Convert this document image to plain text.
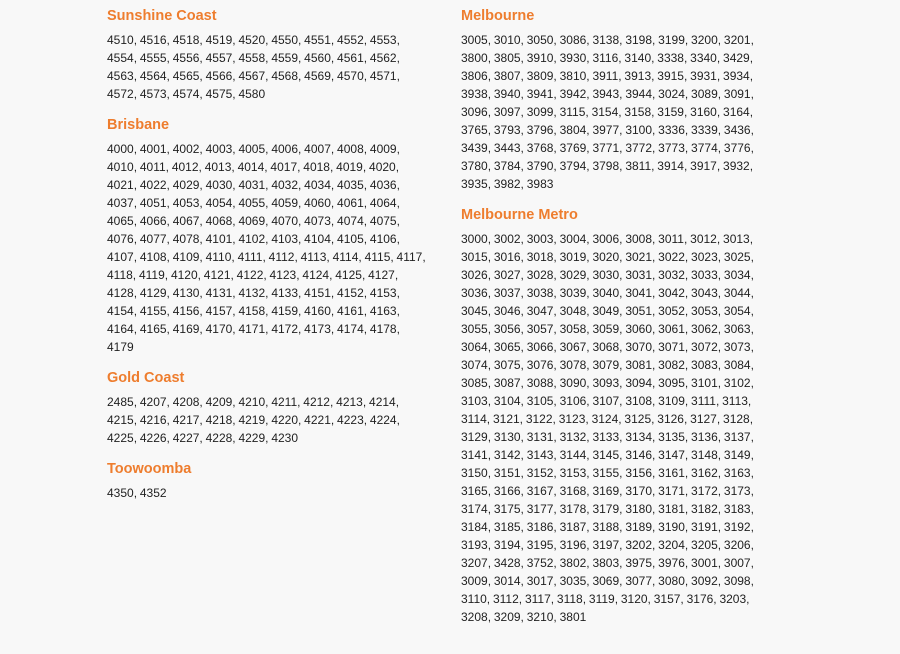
Sunshine Coast

4510, 4516, 4518, 4519, 4520, 4550, 4551, 4552, 4553, 4554, 4555, 4556, 4557, 4558, 4559, 4560, 4561, 4562, 4563, 4564, 4565, 4566, 4567, 4568, 4569, 4570, 4571, 4572, 4573, 4574, 4575, 4580

Brisbane

4000, 4001, 4002, 4003, 4005, 4006, 4007, 4008, 4009, 4010, 4011, 4012, 4013, 4014, 4017, 4018, 4019, 4020, 4021, 4022, 4029, 4030, 4031, 4032, 4034, 4035, 4036, 4037, 4051, 4053, 4054, 4055, 4059, 4060, 4061, 4064, 4065, 4066, 4067, 4068, 4069, 4070, 4073, 4074, 4075, 4076, 4077, 4078, 4101, 4102, 4103, 4104, 4105, 4106, 4107, 4108, 4109, 4110, 4111, 4112, 4113, 4114, 4115, 4117, 4118, 4119, 4120, 4121, 4122, 4123, 4124, 4125, 4127, 4128, 4129, 4130, 4131, 4132, 4133, 4151, 4152, 4153, 4154, 4155, 4156, 4157, 4158, 4159, 4160, 4161, 4163, 4164, 4165, 4169, 4170, 4171, 4172, 4173, 4174, 4178, 4179

Gold Coast

2485, 4207, 4208, 4209, 4210, 4211, 4212, 4213, 4214, 4215, 4216, 4217, 4218, 4219, 4220, 4221, 4223, 4224, 4225, 4226, 4227, 4228, 4229, 4230

Toowoomba

4350, 4352

Melbourne

3005, 3010, 3050, 3086, 3138, 3198, 3199, 3200, 3201, 3800, 3805, 3910, 3930, 3116, 3140, 3338, 3340, 3429, 3806, 3807, 3809, 3810, 3911, 3913, 3915, 3931, 3934, 3938, 3940, 3941, 3942, 3943, 3944, 3024, 3089, 3091, 3096, 3097, 3099, 3115, 3154, 3158, 3159, 3160, 3164, 3765, 3793, 3796, 3804, 3977, 3100, 3336, 3339, 3436, 3439, 3443, 3768, 3769, 3771, 3772, 3773, 3774, 3776, 3780, 3784, 3790, 3794, 3798, 3811, 3914, 3917, 3932, 3935, 3982, 3983

Melbourne Metro

3000, 3002, 3003, 3004, 3006, 3008, 3011, 3012, 3013, 3015, 3016, 3018, 3019, 3020, 3021, 3022, 3023, 3025, 3026, 3027, 3028, 3029, 3030, 3031, 3032, 3033, 3034, 3036, 3037, 3038, 3039, 3040, 3041, 3042, 3043, 3044, 3045, 3046, 3047, 3048, 3049, 3051, 3052, 3053, 3054, 3055, 3056, 3057, 3058, 3059, 3060, 3061, 3062, 3063, 3064, 3065, 3066, 3067, 3068, 3070, 3071, 3072, 3073, 3074, 3075, 3076, 3078, 3079, 3081, 3082, 3083, 3084, 3085, 3087, 3088, 3090, 3093, 3094, 3095, 3101, 3102, 3103, 3104, 3105, 3106, 3107, 3108, 3109, 3111, 3113, 3114, 3121, 3122, 3123, 3124, 3125, 3126, 3127, 3128, 3129, 3130, 3131, 3132, 3133, 3134, 3135, 3136, 3137, 3141, 3142, 3143, 3144, 3145, 3146, 3147, 3148, 3149, 3150, 3151, 3152, 3153, 3155, 3156, 3161, 3162, 3163, 3165, 3166, 3167, 3168, 3169, 3170, 3171, 3172, 3173, 3174, 3175, 3177, 3178, 3179, 3180, 3181, 3182, 3183, 3184, 3185, 3186, 3187, 3188, 3189, 3190, 3191, 3192, 3193, 3194, 3195, 3196, 3197, 3202, 3204, 3205, 3206, 3207, 3428, 3752, 3802, 3803, 3975, 3976, 3001, 3007, 3009, 3014, 3017, 3035, 3069, 3077, 3080, 3092, 3098, 3110, 3112, 3117, 3118, 3119, 3120, 3157, 3176, 3203, 3208, 3209, 3210, 3801
